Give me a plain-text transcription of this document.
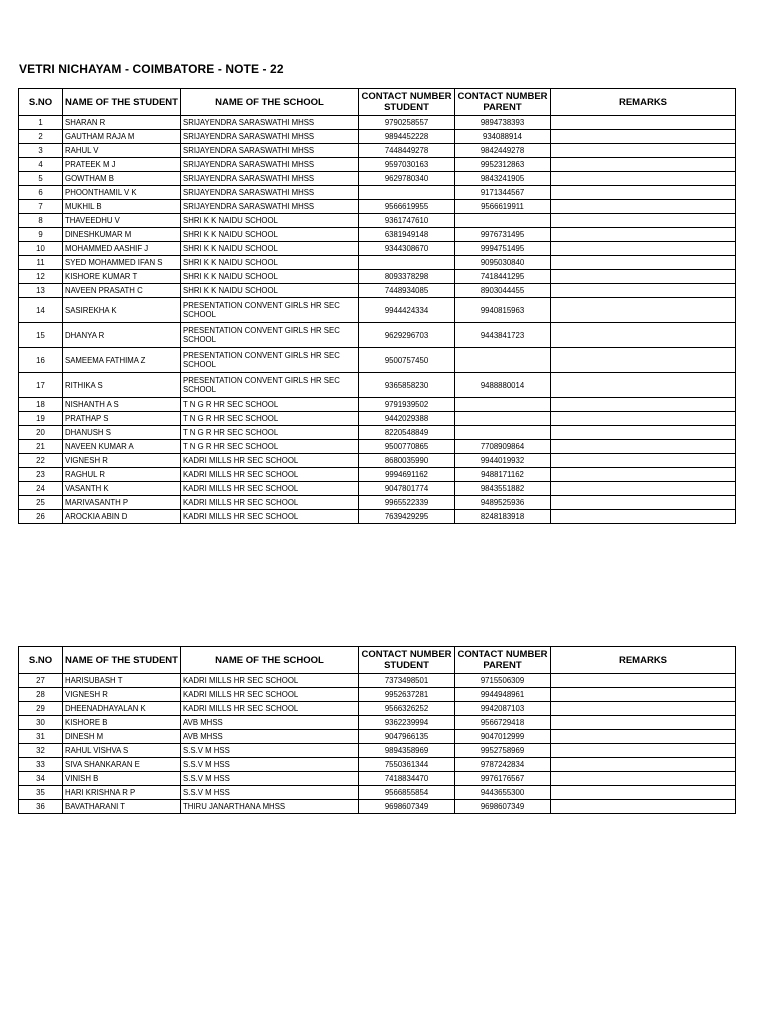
VETRI NICHAYAM - COIMBATORE - NOTE - 22
S.NO	NAME OF THE STUDENT	NAME OF THE SCHOOL	CONTACT NUMBER STUDENT	CONTACT NUMBER PARENT	REMARKS
1	SHARAN R	SRIJAYENDRA SARASWATHI MHSS	9790258557	9894738393	
2	GAUTHAM RAJA M	SRIJAYENDRA SARASWATHI MHSS	9894452228	934088914	
3	RAHUL V	SRIJAYENDRA SARASWATHI MHSS	7448449278	9842449278	
4	PRATEEK M J	SRIJAYENDRA SARASWATHI MHSS	9597030163	9952312863	
5	GOWTHAM B	SRIJAYENDRA SARASWATHI MHSS	9629780340	9843241905	
6	PHOONTHAMIL V K	SRIJAYENDRA SARASWATHI MHSS		9171344567	
7	MUKHIL B	SRIJAYENDRA SARASWATHI MHSS	9566619955	9566619911	
8	THAVEEDHU V	SHRI K K NAIDU SCHOOL	9361747610		
9	DINESHKUMAR M	SHRI K K NAIDU SCHOOL	6381949148	9976731495	
10	MOHAMMED AASHIF J	SHRI K K NAIDU SCHOOL	9344308670	9994751495	
11	SYED MOHAMMED IFAN S	SHRI K K NAIDU SCHOOL		9095030840	
12	KISHORE KUMAR T	SHRI K K NAIDU SCHOOL	8093378298	7418441295	
13	NAVEEN PRASATH C	SHRI K K NAIDU SCHOOL	7448934085	8903044455	
14	SASIREKHA K	PRESENTATION CONVENT GIRLS HR SEC SCHOOL	9944424334	9940815963	
15	DHANYA R	PRESENTATION CONVENT GIRLS HR SEC SCHOOL	9629296703	9443841723	
16	SAMEEMA FATHIMA Z	PRESENTATION CONVENT GIRLS HR SEC SCHOOL	9500757450		
17	RITHIKA S	PRESENTATION CONVENT GIRLS HR SEC SCHOOL	9365858230	9488880014	
18	NISHANTH A S	T N G R HR SEC SCHOOL	9791939502		
19	PRATHAP S	T N G R HR SEC SCHOOL	9442029388		
20	DHANUSH S	T N G R HR SEC SCHOOL	8220548849		
21	NAVEEN KUMAR A	T N G R HR SEC SCHOOL	9500770865	7708909864	
22	VIGNESH R	KADRI MILLS HR SEC SCHOOL	8680035990	9944019932	
23	RAGHUL R	KADRI MILLS HR SEC SCHOOL	9994691162	9488171162	
24	VASANTH K	KADRI MILLS HR SEC SCHOOL	9047801774	9843551882	
25	MARIVASANTH P	KADRI MILLS HR SEC SCHOOL	9965522339	9489525936	
26	AROCKIA ABIN D	KADRI MILLS HR SEC SCHOOL	7639429295	8248183918	
S.NO	NAME OF THE STUDENT	NAME OF THE SCHOOL	CONTACT NUMBER STUDENT	CONTACT NUMBER PARENT	REMARKS
27	HARISUBASH T	KADRI MILLS HR SEC SCHOOL	7373498501	9715506309	
28	VIGNESH R	KADRI MILLS HR SEC SCHOOL	9952637281	9944948961	
29	DHEENADHAYALAN K	KADRI MILLS HR SEC SCHOOL	9566326252	9942087103	
30	KISHORE B	AVB MHSS	9362239994	9566729418	
31	DINESH M	AVB MHSS	9047966135	9047012999	
32	RAHUL VISHVA S	S.S.V M HSS	9894358969	9952758969	
33	SIVA SHANKARAN E	S.S.V M HSS	7550361344	9787242834	
34	VINISH B	S.S.V M HSS	7418834470	9976176567	
35	HARI KRISHNA R P	S.S.V M HSS	9566855854	9443655300	
36	BAVATHARANI T	THIRU JANARTHANA MHSS	9698607349	9698607349	
